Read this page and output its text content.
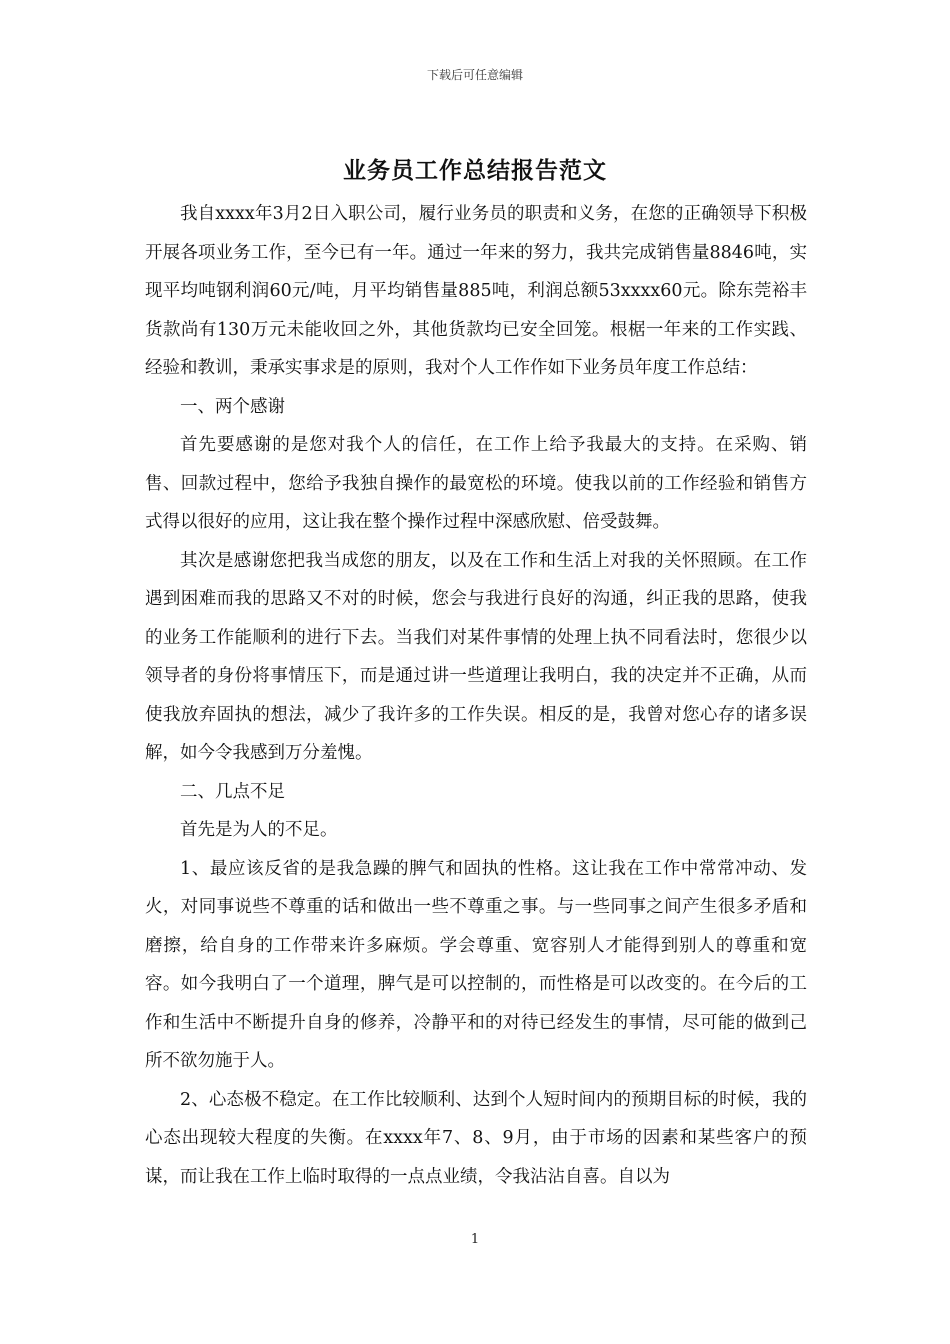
下载后可任意编辑
业务员工作总结报告范文

我自xxxx年3月2日入职公司，履行业务员的职责和义务，在您的正确领导下积极开展各项业务工作，至今已有一年。通过一年来的努力，我共完成销售量8846吨，实现平均吨钢利润60元/吨，月平均销售量885吨，利润总额53xxxx60元。除东莞裕丰货款尚有130万元未能收回之外，其他货款均已安全回笼。根椐一年来的工作实践、经验和教训，秉承实事求是的原则，我对个人工作作如下业务员年度工作总结：

一、两个感谢

首先要感谢的是您对我个人的信任，在工作上给予我最大的支持。在采购、销售、回款过程中，您给予我独自操作的最宽松的环境。使我以前的工作经验和销售方式得以很好的应用，这让我在整个操作过程中深感欣慰、倍受鼓舞。

其次是感谢您把我当成您的朋友，以及在工作和生活上对我的关怀照顾。在工作遇到困难而我的思路又不对的时候，您会与我进行良好的沟通，纠正我的思路，使我的业务工作能顺利的进行下去。当我们对某件事情的处理上执不同看法时，您很少以领导者的身份将事情压下，而是通过讲一些道理让我明白，我的决定并不正确，从而使我放弃固执的想法，减少了我许多的工作失误。相反的是，我曾对您心存的诸多误解，如今令我感到万分羞愧。

二、几点不足

首先是为人的不足。

1、最应该反省的是我急躁的脾气和固执的性格。这让我在工作中常常冲动、发火，对同事说些不尊重的话和做出一些不尊重之事。与一些同事之间产生很多矛盾和磨擦，给自身的工作带来许多麻烦。学会尊重、宽容别人才能得到别人的尊重和宽容。如今我明白了一个道理，脾气是可以控制的，而性格是可以改变的。在今后的工作和生活中不断提升自身的修养，冷静平和的对待已经发生的事情，尽可能的做到己所不欲勿施于人。

2、心态极不稳定。在工作比较顺利、达到个人短时间内的预期目标的时候，我的心态出现较大程度的失衡。在xxxx年7、8、9月，由于市场的因素和某些客户的预谋，而让我在工作上临时取得的一点点业绩，令我沾沾自喜。自以为

1
